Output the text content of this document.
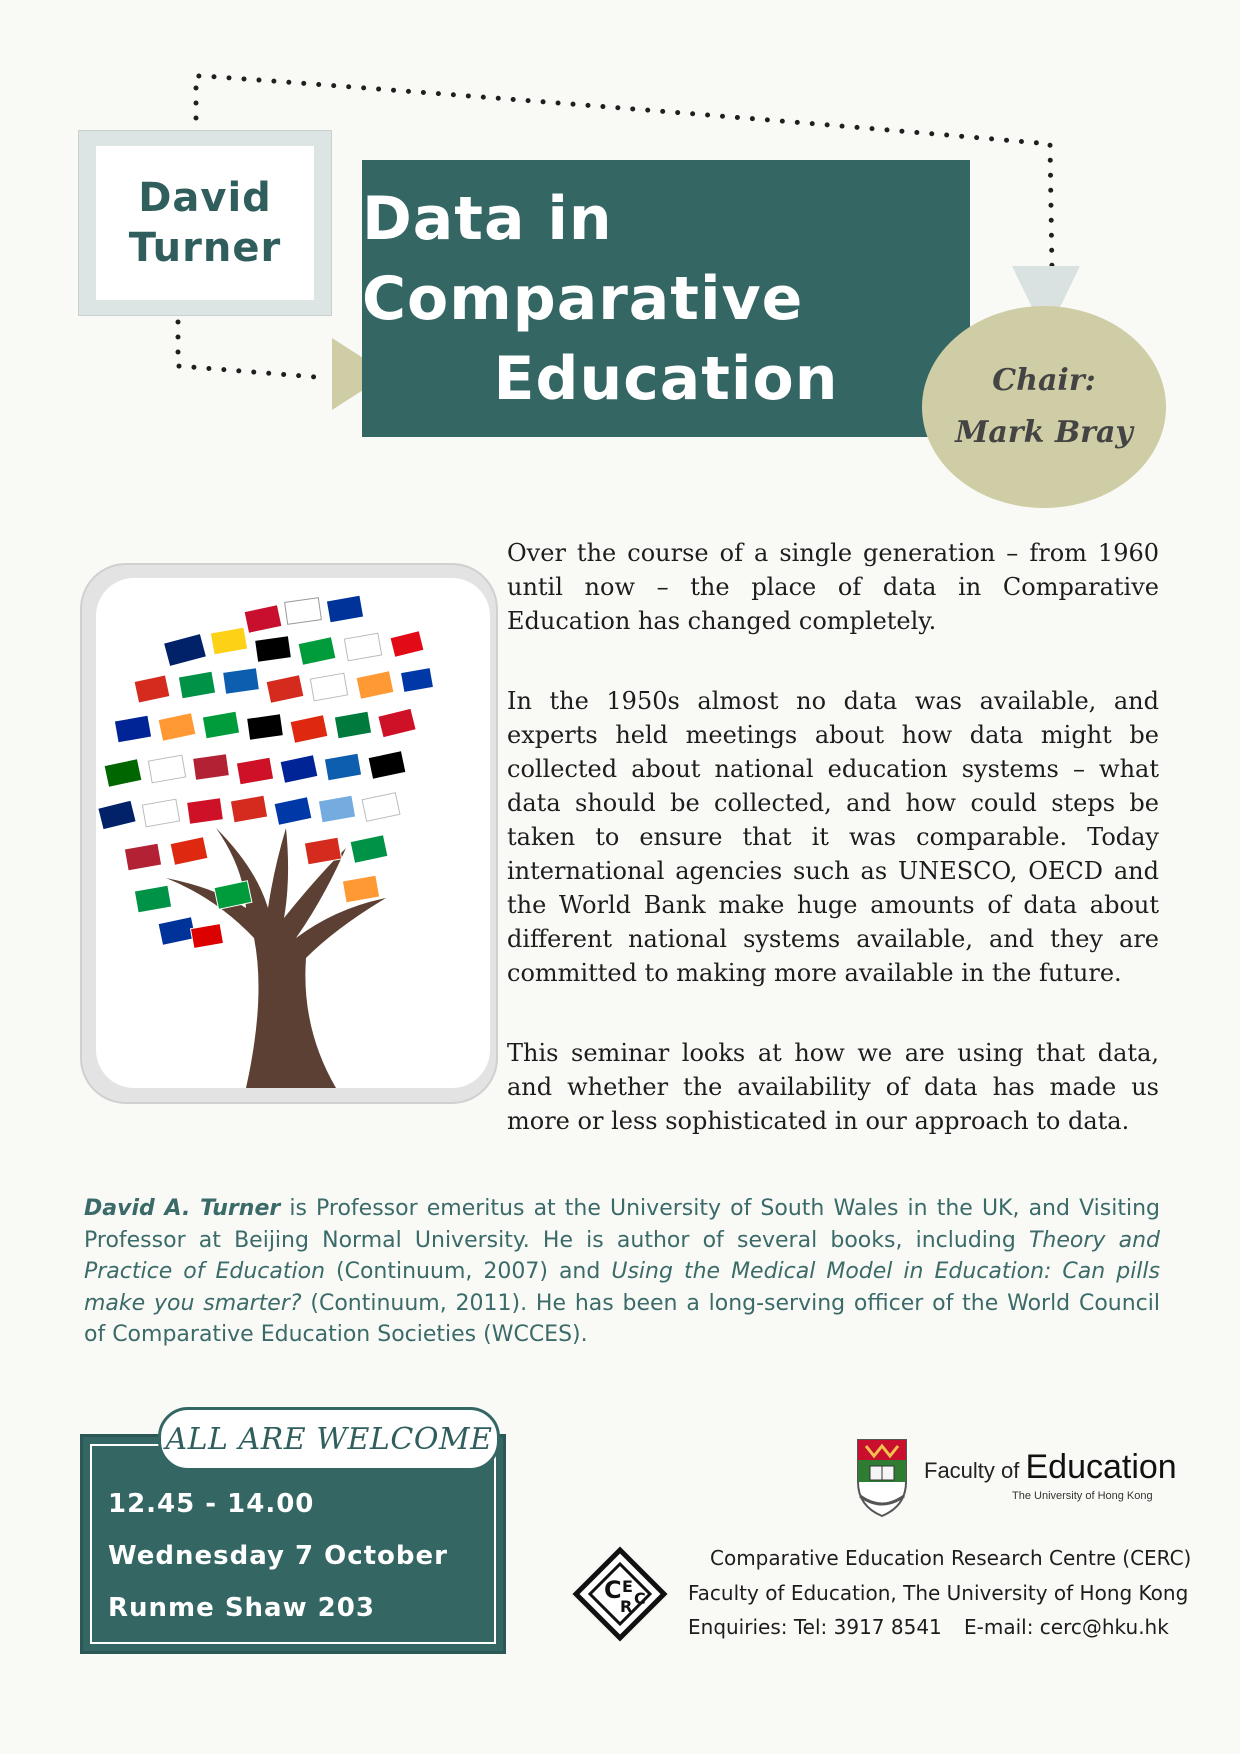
David
Turner Data in Comparative
Education	Chair:
Mark Bray

Over the course of a single generation – from 1960 until now – the place of data in Comparative Education has changed completely.

In the 1950s almost no data was available, and experts held meetings about how data might be collected about national education systems – what data should be collected, and how could steps be taken to ensure that it was comparable. Today international agencies such as UNESCO, OECD and the World Bank make huge amounts of data about different national systems available, and they are committed to making more available in the future.

This seminar looks at how we are using that data, and whether the availability of data has made us more or less sophisticated in our approach to data.

David A. Turner is Professor emeritus at the University of South Wales in the UK, and Visiting Professor at Beijing Normal University. He is author of several books, including Theory and Practice of Education (Continuum, 2007) and Using the Medical Model in Education: Can pills make you smarter? (Continuum, 2011). He has been a long-serving officer of the World Council of Comparative Education Societies (WCCES).

ALL ARE WELCOME
12.45 - 14.00
Wednesday 7 October
Runme Shaw 203
Faculty of Education
The University of Hong Kong
C E
R C
Comparative Education Research Centre (CERC)
Faculty of Education, The University of Hong Kong
Enquiries: Tel: 3917 8541 E-mail: cerc@hku.hk
